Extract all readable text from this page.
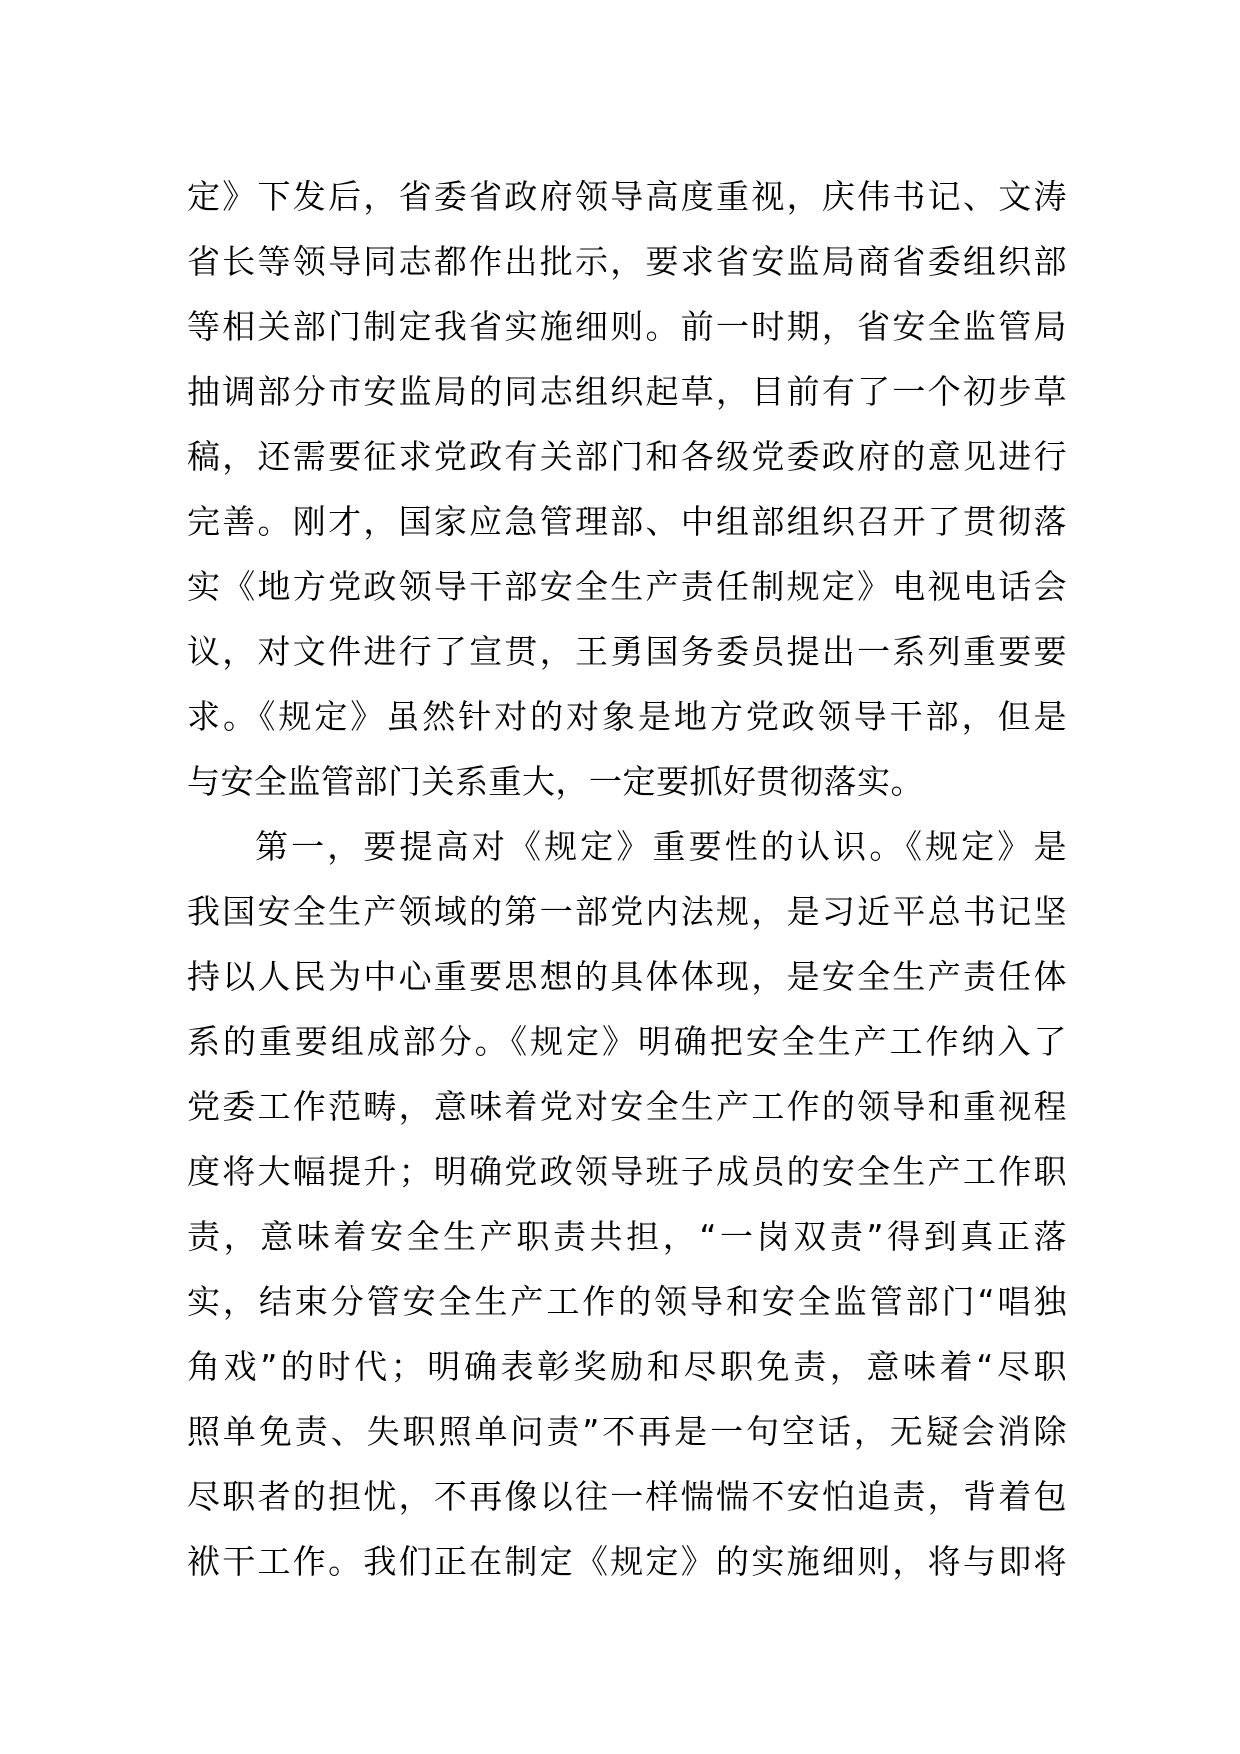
定》下发后，省委省政府领导高度重视，庆伟书记、文涛
省长等领导同志都作出批示，要求省安监局商省委组织部
等相关部门制定我省实施细则。前一时期，省安全监管局
抽调部分市安监局的同志组织起草，目前有了一个初步草
稿，还需要征求党政有关部门和各级党委政府的意见进行
完善。刚才，国家应急管理部、中组部组织召开了贯彻落
实《地方党政领导干部安全生产责任制规定》电视电话会
议，对文件进行了宣贯，王勇国务委员提出一系列重要要
求。《规定》虽然针对的对象是地方党政领导干部，但是
与安全监管部门关系重大，一定要抓好贯彻落实。
第一，要提高对《规定》重要性的认识。《规定》是
我国安全生产领域的第一部党内法规，是习近平总书记坚
持以人民为中心重要思想的具体体现，是安全生产责任体
系的重要组成部分。《规定》明确把安全生产工作纳入了
党委工作范畴，意味着党对安全生产工作的领导和重视程
度将大幅提升；明确党政领导班子成员的安全生产工作职
责，意味着安全生产职责共担，“一岗双责”得到真正落
实，结束分管安全生产工作的领导和安全监管部门“唱独
角戏”的时代；明确表彰奖励和尽职免责，意味着“尽职
照单免责、失职照单问责”不再是一句空话，无疑会消除
尽职者的担忧，不再像以往一样惴惴不安怕追责，背着包
袱干工作。我们正在制定《规定》的实施细则，将与即将
